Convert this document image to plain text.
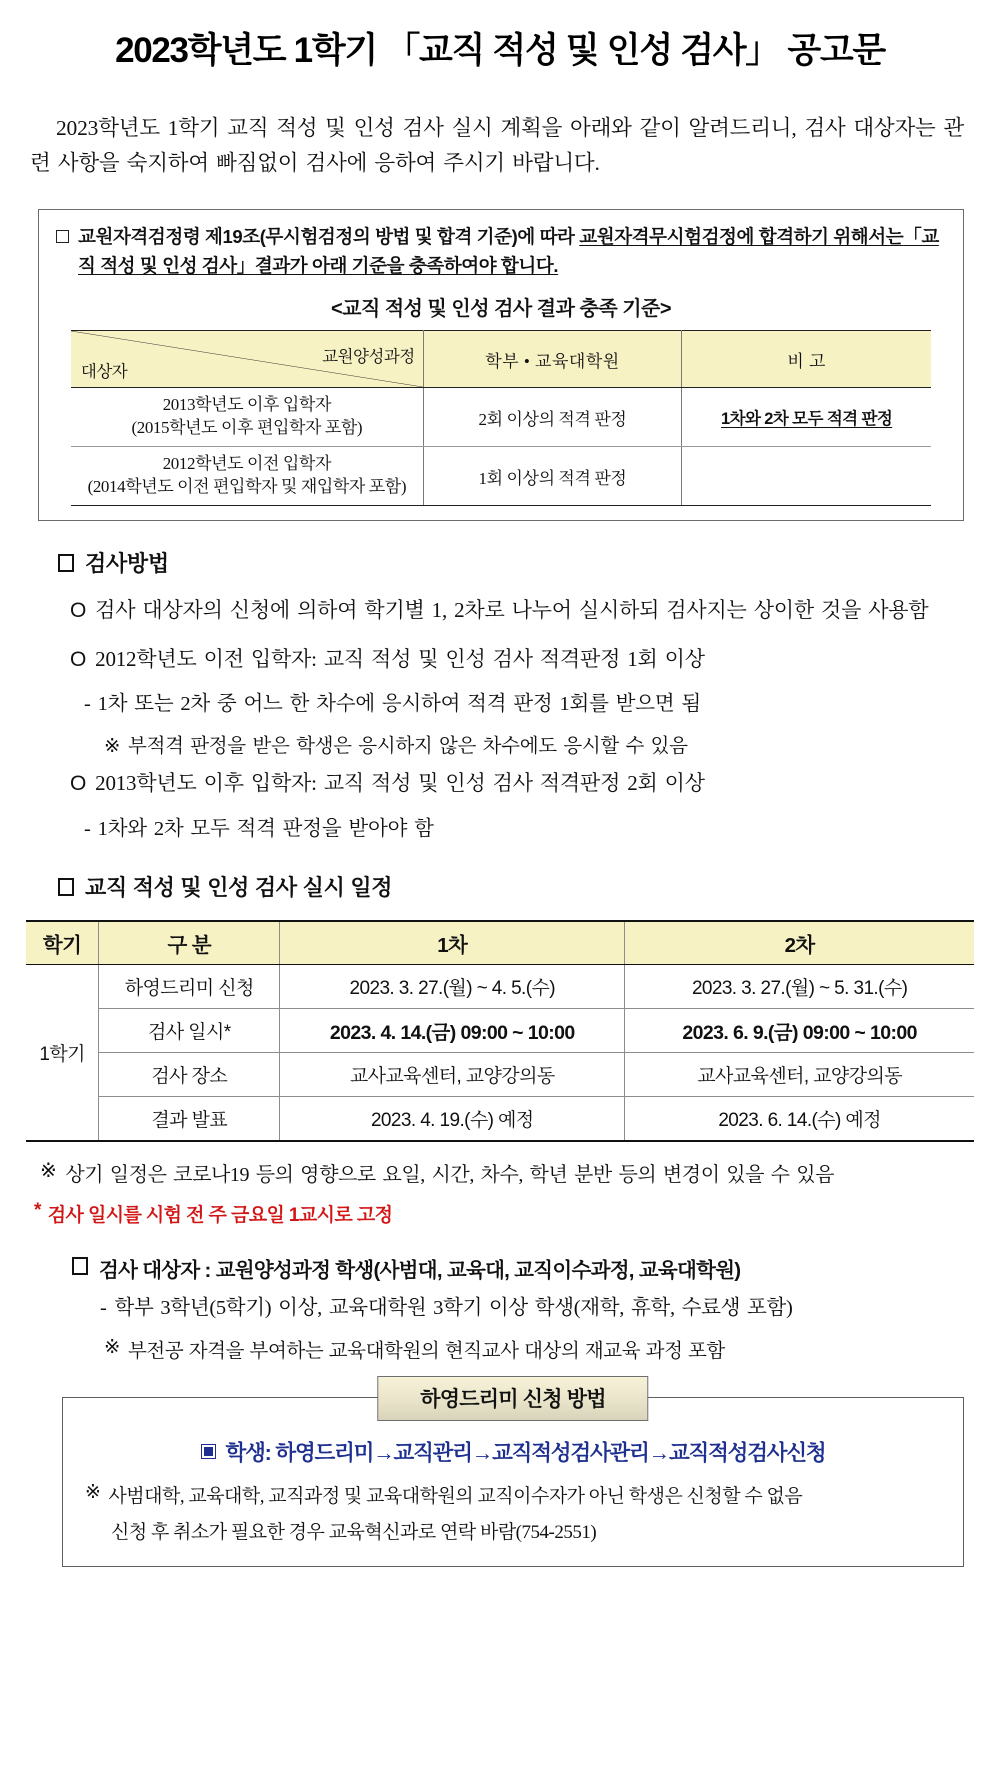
2023학년도 1학기 「교직 적성 및 인성 검사」 공고문

2023학년도 1학기 교직 적성 및 인성 검사 실시 계획을 아래와 같이 알려드리니, 검사 대상자는 관련 사항을 숙지하여 빠짐없이 검사에 응하여 주시기 바랍니다.

교원자격검정령 제19조(무시험검정의 방법 및 합격 기준)에 따라 교원자격무시험검정에 합격하기 위해서는「교직 적성 및 인성 검사」결과가 아래 기준을 충족하여야 합니다.
<교직 적성 및 인성 검사 결과 충족 기준>
교원양성과정
대상자	학부 • 교육대학원	비 고

2013학년도 이후 입학자
(2015학년도 이후 편입학자 포함)	2회 이상의 적격 판정	1차와 2차 모두 적격 판정

2012학년도 이전 입학자
(2014학년도 이전 편입학자 및 재입학자 포함)	1회 이상의 적격 판정	
검사방법
O 검사 대상자의 신청에 의하여 학기별 1, 2차로 나누어 실시하되 검사지는 상이한 것을 사용함
O 2012학년도 이전 입학자: 교직 적성 및 인성 검사 적격판정 1회 이상
- 1차 또는 2차 중 어느 한 차수에 응시하여 적격 판정 1회를 받으면 됨
※ 부적격 판정을 받은 학생은 응시하지 않은 차수에도 응시할 수 있음
O 2013학년도 이후 입학자: 교직 적성 및 인성 검사 적격판정 2회 이상
- 1차와 2차 모두 적격 판정을 받아야 함
교직 적성 및 인성 검사 실시 일정
학기	구 분	1차	2차
1학기	하영드리미 신청	2023. 3. 27.(월) ~ 4. 5.(수)	2023. 3. 27.(월) ~ 5. 31.(수)
	검사 일시*	2023. 4. 14.(금) 09:00 ~ 10:00	2023. 6. 9.(금) 09:00 ~ 10:00
	검사 장소	교사교육센터, 교양강의동	교사교육센터, 교양강의동
	결과 발표	2023. 4. 19.(수) 예정	2023. 6. 14.(수) 예정
※ 상기 일정은 코로나19 등의 영향으로 요일, 시간, 차수, 학년 분반 등의 변경이 있을 수 있음
* 검사 일시를 시험 전 주 금요일 1교시로 고정
검사 대상자 : 교원양성과정 학생(사범대, 교육대, 교직이수과정, 교육대학원)
- 학부 3학년(5학기) 이상, 교육대학원 3학기 이상 학생(재학, 휴학, 수료생 포함)
※ 부전공 자격을 부여하는 교육대학원의 현직교사 대상의 재교육 과정 포함
학생: 하영드리미→교직관리→교직적성검사관리→교직적성검사신청
※ 사범대학, 교육대학, 교직과정 및 교육대학원의 교직이수자가 아닌 학생은 신청할 수 없음
신청 후 취소가 필요한 경우 교육혁신과로 연락 바람(754-2551)
하영드리미 신청 방법
